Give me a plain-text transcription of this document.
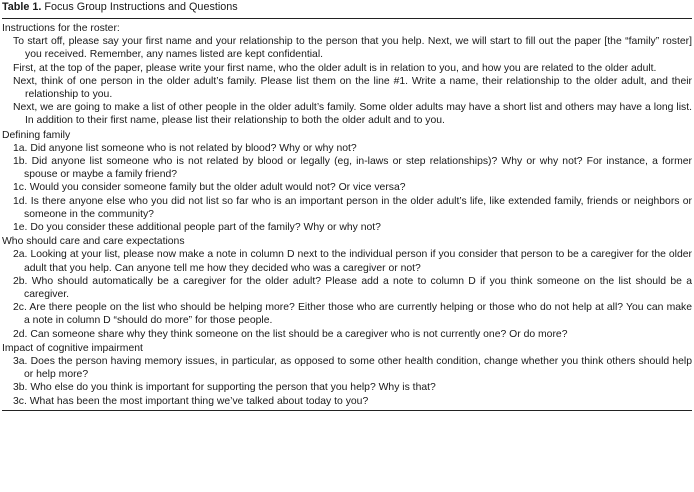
Table 1. Focus Group Instructions and Questions
Instructions for the roster:
To start off, please say your first name and your relationship to the person that you help. Next, we will start to fill out the paper [the “family” roster] you received. Remember, any names listed are kept confidential.
First, at the top of the paper, please write your first name, who the older adult is in relation to you, and how you are related to the older adult.
Next, think of one person in the older adult’s family. Please list them on the line #1. Write a name, their relationship to the older adult, and their relationship to you.
Next, we are going to make a list of other people in the older adult’s family. Some older adults may have a short list and others may have a long list. In addition to their first name, please list their relationship to both the older adult and to you.
Defining family
1a. Did anyone list someone who is not related by blood? Why or why not?
1b. Did anyone list someone who is not related by blood or legally (eg, in-laws or step relationships)? Why or why not? For instance, a former spouse or maybe a family friend?
1c. Would you consider someone family but the older adult would not? Or vice versa?
1d. Is there anyone else who you did not list so far who is an important person in the older adult’s life, like extended family, friends or neighbors or someone in the community?
1e. Do you consider these additional people part of the family? Why or why not?
Who should care and care expectations
2a. Looking at your list, please now make a note in column D next to the individual person if you consider that person to be a caregiver for the older adult that you help. Can anyone tell me how they decided who was a caregiver or not?
2b. Who should automatically be a caregiver for the older adult? Please add a note to column D if you think someone on the list should be a caregiver.
2c. Are there people on the list who should be helping more? Either those who are currently helping or those who do not help at all? You can make a note in column D “should do more” for those people.
2d. Can someone share why they think someone on the list should be a caregiver who is not currently one? Or do more?
Impact of cognitive impairment
3a. Does the person having memory issues, in particular, as opposed to some other health condition, change whether you think others should help or help more?
3b. Who else do you think is important for supporting the person that you help? Why is that?
3c. What has been the most important thing we’ve talked about today to you?
